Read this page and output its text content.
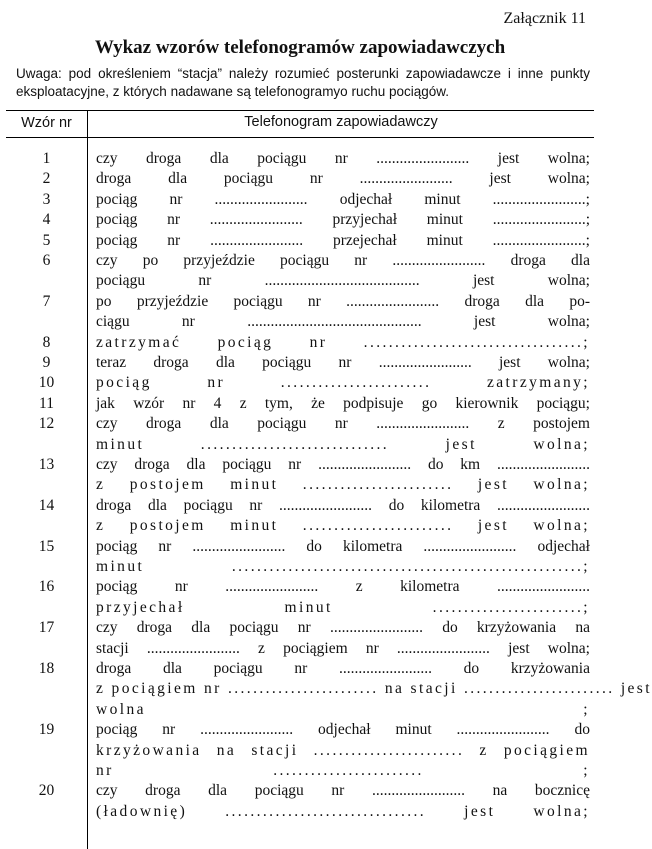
Załącznik 11
Wykaz wzorów telefonogramów zapowiadawczych
Uwaga: pod określeniem “stacja” należy rozumieć posterunki zapowiadawcze i inne punkty eksploatacyjne, z których nadawane są telefonogramyo ruchu pociągów.
Wzór nr	Telefonogram zapowiadawczy
1	czy droga dla pociągu nr ........................ jest wolna;
2	droga dla pociągu nr ........................ jest wolna;
3	pociąg nr ........................ odjechał minut ........................;
4	pociąg nr ........................ przyjechał minut ........................;
5	pociąg nr ........................ przejechał minut ........................;
6	czy po przyjeździe pociągu nr ........................ droga dla
pociągu nr ........................................ jest wolna;
7	po przyjeździe pociągu nr ........................ droga dla po-
ciągu nr ............................................. jest wolna;
8	zatrzymać pociąg nr ...................................;
9	teraz droga dla pociągu nr ........................ jest wolna;
10	pociąg nr ........................ zatrzymany;
11	jak wzór nr 4 z tym, że podpisuje go kierownik pociągu;
12	czy droga dla pociągu nr ........................ z postojem
minut .............................. jest wolna;
13	czy droga dla pociągu nr ........................ do km ........................
z postojem minut ........................ jest wolna;
14	droga dla pociągu nr ........................ do kilometra ........................
z postojem minut ........................ jest wolna;
15	pociąg nr ........................ do kilometra ........................ odjechał
minut ........................................................;
16	pociąg nr ........................ z kilometra ........................
przyjechał minut ........................;
17	czy droga dla pociągu nr ........................ do krzyżowania na
stacji ........................ z pociągiem nr ........................ jest wolna;
18	droga dla pociągu nr ........................ do krzyżowania
z pociągiem nr ........................ na stacji ........................ jest
wolna ;
19	pociąg nr ........................ odjechał minut ........................ do
krzyżowania na stacji ........................ z pociągiem
nr ........................ ;
20	czy droga dla pociągu nr ........................ na bocznicę
(ładownię) ................................ jest wolna;
